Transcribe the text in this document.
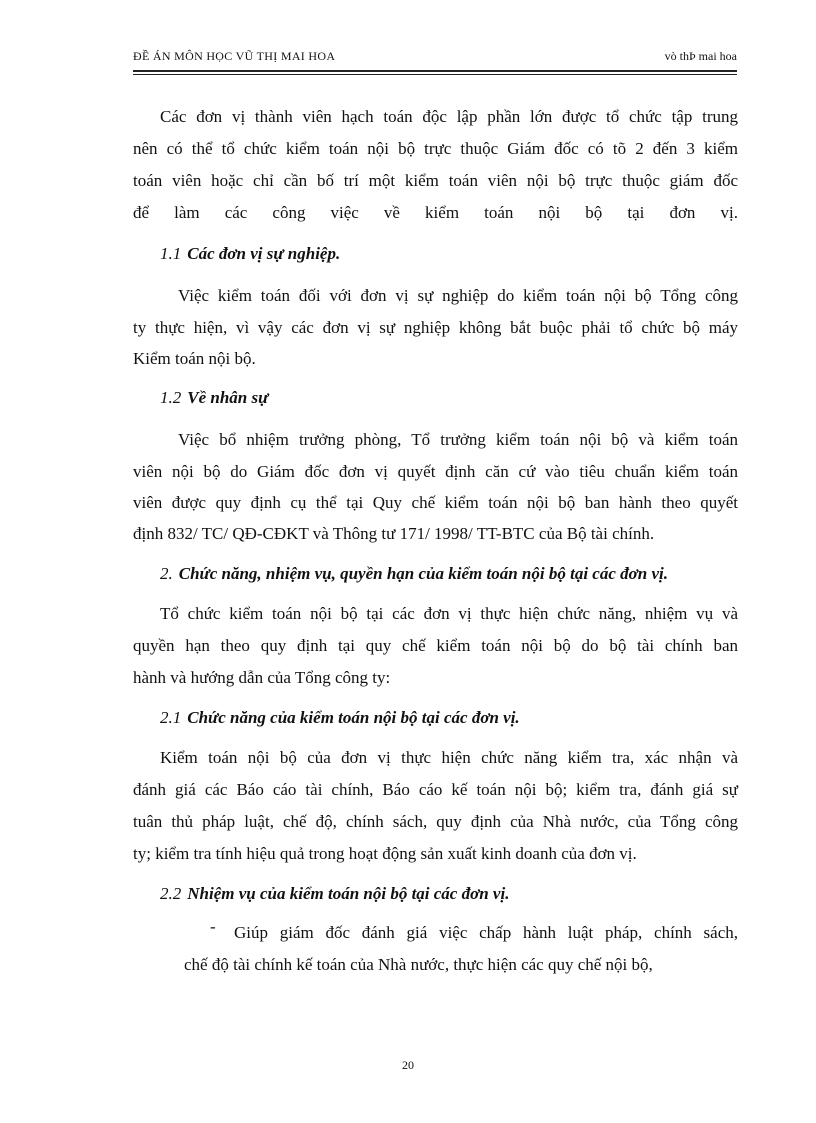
ĐỀ ÁN MÔN HỌC VŨ THỊ MAI HOA	vò thÞ mai hoa

Các đơn vị thành viên hạch toán độc lập phần lớn được tổ chức tập trung

nên có thể tổ chức kiểm toán nội bộ trực thuộc Giám đốc có tõ 2 đến 3 kiểm

toán viên hoặc chỉ cần bố trí một kiểm toán viên nội bộ trực thuộc giám đốc

để làm các công việc về kiểm toán nội bộ tại đơn vị.

1.1 Các đơn vị sự nghiệp.

Việc kiểm toán đối với đơn vị sự nghiệp do kiểm toán nội bộ Tổng công

ty thực hiện, vì vậy các đơn vị sự nghiệp không bắt buộc phải tổ chức bộ máy

Kiểm toán nội bộ.

1.2 Về nhân sự

Việc bổ nhiệm trưởng phòng, Tổ trưởng kiểm toán nội bộ và kiểm toán

viên nội bộ do Giám đốc đơn vị quyết định căn cứ vào tiêu chuẩn kiểm toán

viên được quy định cụ thể tại Quy chế kiểm toán nội bộ ban hành theo quyết

định 832/ TC/ QĐ-CĐKT và Thông tư 171/ 1998/ TT-BTC của Bộ tài chính.

2. Chức năng, nhiệm vụ, quyền hạn của kiểm toán nội bộ tại các đơn vị.

Tổ chức kiểm toán nội bộ tại các đơn vị thực hiện chức năng, nhiệm vụ và

quyền hạn theo quy định tại quy chế kiểm toán nội bộ do bộ tài chính ban

hành và hướng dẫn của Tổng công ty:

2.1 Chức năng của kiểm toán nội bộ tại các đơn vị.

Kiểm toán nội bộ của đơn vị thực hiện chức năng kiểm tra, xác nhận và

đánh giá các Báo cáo tài chính, Báo cáo kế toán nội bộ; kiểm tra, đánh giá sự

tuân thủ pháp luật, chế độ, chính sách, quy định của Nhà nước, của Tổng công

ty; kiểm tra tính hiệu quả trong hoạt động sản xuất kinh doanh của đơn vị.

2.2 Nhiệm vụ của kiểm toán nội bộ tại các đơn vị.

- Giúp giám đốc đánh giá việc chấp hành luật pháp, chính sách,

chế độ tài chính kế toán của Nhà nước, thực hiện các quy chế nội bộ,

20
